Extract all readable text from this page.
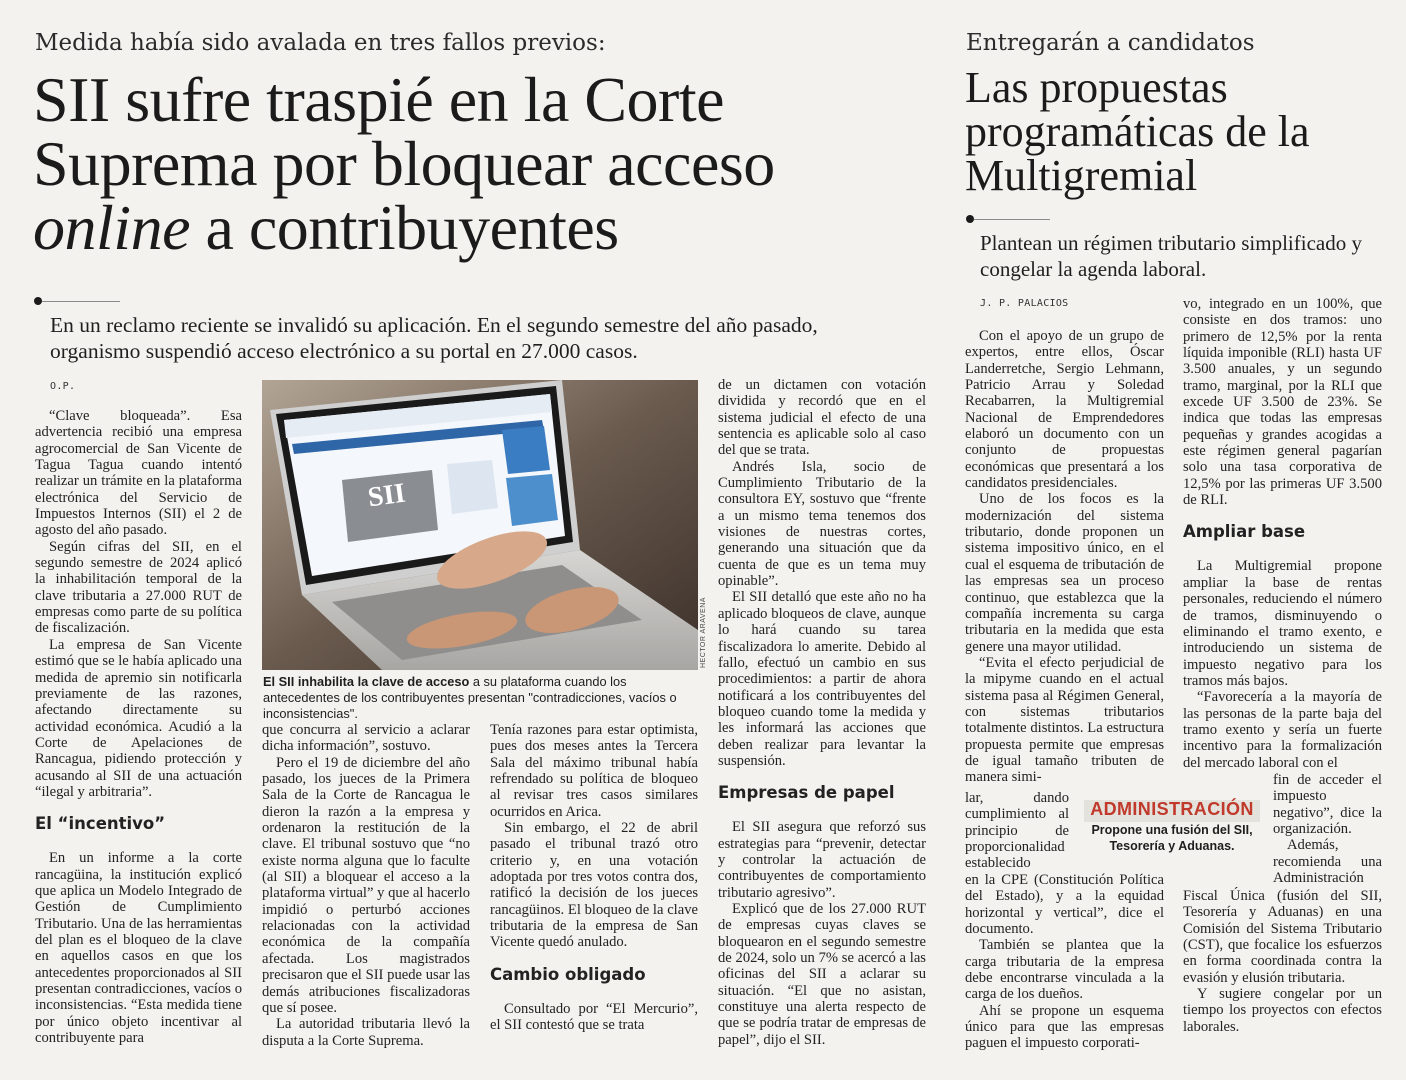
Medida había sido avalada en tres fallos previos:
SII sufre traspié en la Corte
Suprema por bloquear acceso
online a contribuyentes
En un reclamo reciente se invalidó su aplicación. En el segundo semestre del año pasado, organismo suspendió acceso electrónico a su portal en 27.000 casos.
O.P.
SII
HECTOR ARAVENA
El SII inhabilita la clave de acceso a su plataforma cuando los antecedentes de los contribuyentes presentan "contradicciones, vacíos o inconsistencias".

“Clave bloqueada”. Esa advertencia recibió una empresa agrocomercial de San Vicente de Tagua Tagua cuando intentó realizar un trámite en la plataforma electrónica del Servicio de Impuestos Internos (SII) el 2 de agosto del año pasado.

Según cifras del SII, en el segundo semestre de 2024 aplicó la inhabilitación temporal de la clave tributaria a 27.000 RUT de empresas como parte de su política de fiscalización.

La empresa de San Vicente estimó que se le había aplicado una medida de apremio sin notificarla previamente de las razones, afectando directamente su actividad económica. Acudió a la Corte de Apelaciones de Rancagua, pidiendo protección y acusando al SII de una actuación “ilegal y arbitraria”.

El “incentivo”

En un informe a la corte rancagüina, la institución explicó que aplica un Modelo Integrado de Gestión de Cumplimiento Tributario. Una de las herramientas del plan es el bloqueo de la clave en aquellos casos en que los antecedentes proporcionados al SII presentan contradicciones, vacíos o inconsistencias. “Esta medida tiene por único objeto incentivar al contribuyente para

que concurra al servicio a aclarar dicha información”, sostuvo.

Pero el 19 de diciembre del año pasado, los jueces de la Primera Sala de la Corte de Rancagua le dieron la razón a la empresa y ordenaron la restitución de la clave. El tribunal sostuvo que “no existe norma alguna que lo faculte (al SII) a bloquear el acceso a la plataforma virtual” y que al hacerlo impidió o perturbó acciones relacionadas con la actividad económica de la compañía afectada. Los magistrados precisaron que el SII puede usar las demás atribuciones fiscalizadoras que sí posee.

La autoridad tributaria llevó la disputa a la Corte Suprema.

Tenía razones para estar optimista, pues dos meses antes la Tercera Sala del máximo tribunal había refrendado su política de bloqueo al revisar tres casos similares ocurridos en Arica.

Sin embargo, el 22 de abril pasado el tribunal trazó otro criterio y, en una votación adoptada por tres votos contra dos, ratificó la decisión de los jueces rancagüinos. El bloqueo de la clave tributaria de la empresa de San Vicente quedó anulado.

Cambio obligado

Consultado por “El Mercurio”, el SII contestó que se trata

de un dictamen con votación dividida y recordó que en el sistema judicial el efecto de una sentencia es aplicable solo al caso del que se trata.

Andrés Isla, socio de Cumplimiento Tributario de la consultora EY, sostuvo que “frente a un mismo tema tenemos dos visiones de nuestras cortes, generando una situación que da cuenta de que es un tema muy opinable”.

El SII detalló que este año no ha aplicado bloqueos de clave, aunque lo hará cuando su tarea fiscalizadora lo amerite. Debido al fallo, efectuó un cambio en sus procedimientos: a partir de ahora notificará a los contribuyentes del bloqueo cuando tome la medida y les informará las acciones que deben realizar para levantar la suspensión.

Empresas de papel

El SII asegura que reforzó sus estrategias para “prevenir, detectar y controlar la actuación de contribuyentes de comportamiento tributario agresivo”.

Explicó que de los 27.000 RUT de empresas cuyas claves se bloquearon en el segundo semestre de 2024, solo un 7% se acercó a las oficinas del SII a aclarar su situación. “El que no asistan, constituye una alerta respecto de que se podría tratar de empresas de papel”, dijo el SII.

Entregarán a candidatos
Las propuestas programáticas de la Multigremial
Plantean un régimen tributario simplificado y congelar la agenda laboral.
J. P. PALACIOS

Con el apoyo de un grupo de expertos, entre ellos, Óscar Landerretche, Sergio Lehmann, Patricio Arrau y Soledad Recabarren, la Multigremial Nacional de Emprendedores elaboró un documento con un conjunto de propuestas económicas que presentará a los candidatos presidenciales.

Uno de los focos es la modernización del sistema tributario, donde proponen un sistema impositivo único, en el cual el esquema de tributación de las empresas sea un proceso continuo, que establezca que la compañía incrementa su carga tributaria en la medida que esta genere una mayor utilidad.

“Evita el efecto perjudicial de la mipyme cuando en el actual sistema pasa al Régimen General, con sistemas tributarios totalmente distintos. La estructura propuesta permite que empresas de igual tamaño tributen de manera simi-

lar, dando cumplimiento al principio de proporcionalidad establecido

en la CPE (Constitución Política del Estado), y a la equidad horizontal y vertical”, dice el documento.

También se plantea que la carga tributaria de la empresa debe encontrarse vinculada a la carga de los dueños.

Ahí se propone un esquema único para que las empresas paguen el impuesto corporati-

vo, integrado en un 100%, que consiste en dos tramos: uno primero de 12,5% por la renta líquida imponible (RLI) hasta UF 3.500 anuales, y un segundo tramo, marginal, por la RLI que excede UF 3.500 de 23%. Se indica que todas las empresas pequeñas y grandes acogidas a este régimen general pagarían solo una tasa corporativa de 12,5% por las primeras UF 3.500 de RLI.

Ampliar base

La Multigremial propone ampliar la base de rentas personales, reduciendo el número de tramos, disminuyendo o eliminando el tramo exento, e introduciendo un sistema de impuesto negativo para los tramos más bajos.

“Favorecería a la mayoría de las personas de la parte baja del tramo exento y sería un fuerte incentivo para la formalización del mercado laboral con el

fin de acceder el impuesto negativo”, dice la organización.

Además, recomienda una Administración

Fiscal Única (fusión del SII, Tesorería y Aduanas) en una Comisión del Sistema Tributario (CST), que focalice los esfuerzos en forma coordinada contra la evasión y elusión tributaria.

Y sugiere congelar por un tiempo los proyectos con efectos laborales.

ADMINISTRACIÓN
Propone una fusión del SII, Tesorería y Aduanas.
